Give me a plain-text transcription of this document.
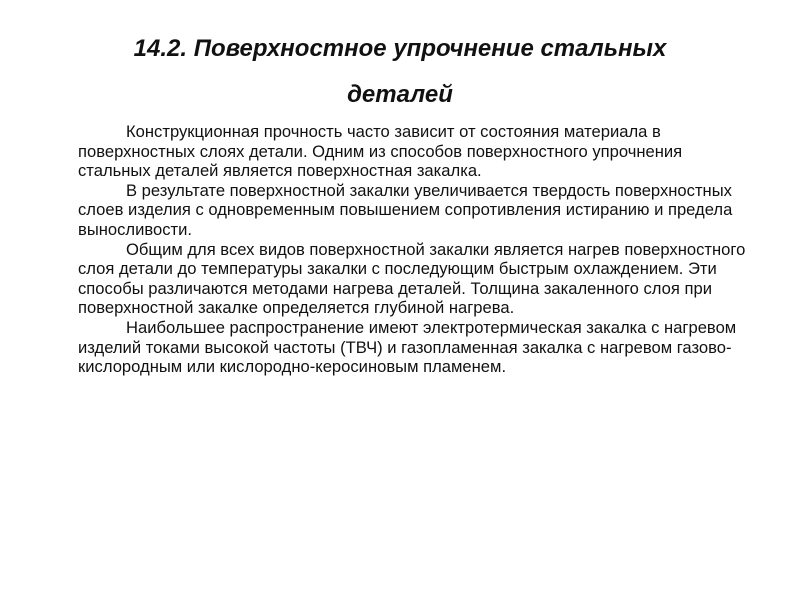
14.2. Поверхностное упрочнение стальных
деталей

Конструкционная прочность часто зависит от состояния материала в поверхностных слоях детали. Одним из способов поверхностного упрочнения стальных деталей является поверхностная закалка.

В результате поверхностной закалки увеличивается твердость поверхностных слоев изделия с одновременным повышением сопротивления истиранию и предела выносливости.

Общим для всех видов поверхностной закалки является нагрев поверхностного слоя детали до температуры закалки с последующим быстрым охлаждением. Эти способы различаются методами нагрева деталей. Толщина закаленного слоя при поверхностной закалке определяется глубиной нагрева.

Наибольшее распространение имеют электротермическая закалка с нагревом изделий токами высокой частоты (ТВЧ) и газопламенная закалка с нагревом газово-кислородным или кислородно-керосиновым пламенем.
